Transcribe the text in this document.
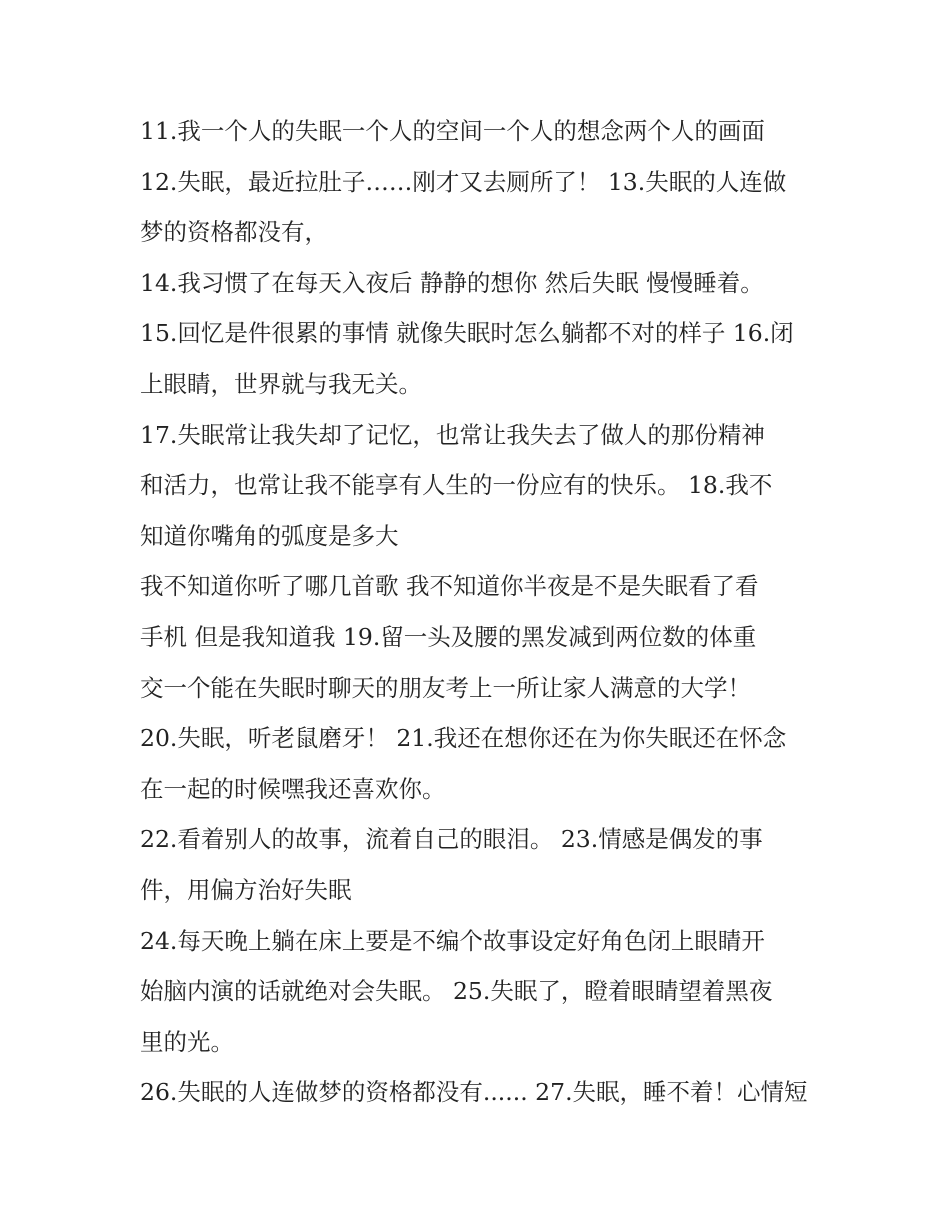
11.我一个人的失眠一个人的空间一个人的想念两个人的画面
12.失眠，最近拉肚子……刚才又去厕所了！ 13.失眠的人连做
梦的资格都没有，
14.我习惯了在每天入夜后 静静的想你 然后失眠 慢慢睡着。
15.回忆是件很累的事情 就像失眠时怎么躺都不对的样子 16.闭
上眼睛，世界就与我无关。
17.失眠常让我失却了记忆，也常让我失去了做人的那份精神
和活力，也常让我不能享有人生的一份应有的快乐。 18.我不
知道你嘴角的弧度是多大
我不知道你听了哪几首歌 我不知道你半夜是不是失眠看了看
手机 但是我知道我 19.留一头及腰的黑发减到两位数的体重
交一个能在失眠时聊天的朋友考上一所让家人满意的大学！
20.失眠，听老鼠磨牙！ 21.我还在想你还在为你失眠还在怀念
在一起的时候嘿我还喜欢你。
22.看着别人的故事，流着自己的眼泪。 23.情感是偶发的事
件，用偏方治好失眠
24.每天晚上躺在床上要是不编个故事设定好角色闭上眼睛开
始脑内演的话就绝对会失眠。 25.失眠了，瞪着眼睛望着黑夜
里的光。
26.失眠的人连做梦的资格都没有...... 27.失眠，睡不着！心情短
